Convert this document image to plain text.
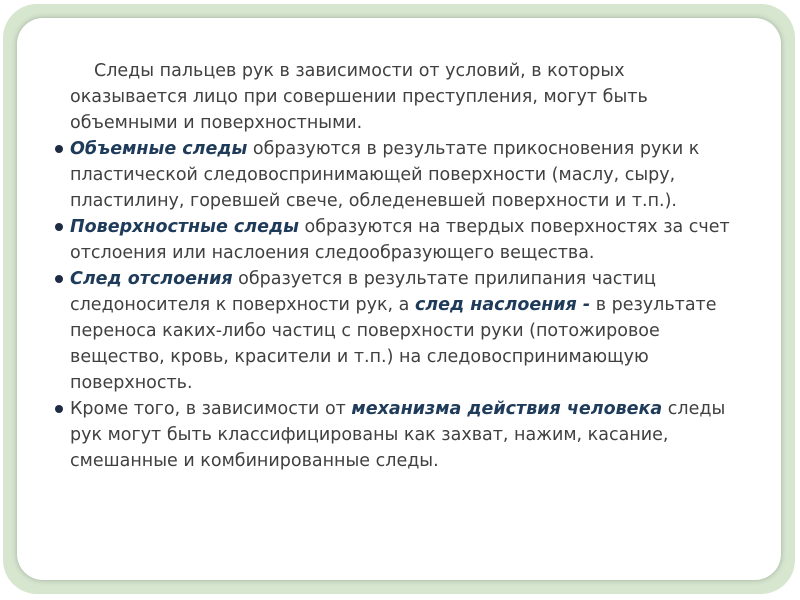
Следы пальцев рук в зависимости от условий, в которых оказывается лицо при совершении преступления, могут быть объемными и поверхностными.

Объемные следы образуются в результате прикосновения руки к пластической следовоспринимающей поверхности (маслу, сыру, пластилину, горевшей свече, обледеневшей поверхности и т.п.).

Поверхностные следы образуются на твердых поверхностях за счет отслоения или наслоения следообразующего вещества.

След отслоения образуется в результате прилипания частиц следоносителя к поверхности рук, а след наслоения - в результате переноса каких-либо частиц с поверхности руки (потожировое вещество, кровь, красители и т.п.) на следовоспринимающую поверхность.

Кроме того, в зависимости от механизма действия человека следы рук могут быть классифицированы как захват, нажим, касание, смешанные и комбинированные следы.
